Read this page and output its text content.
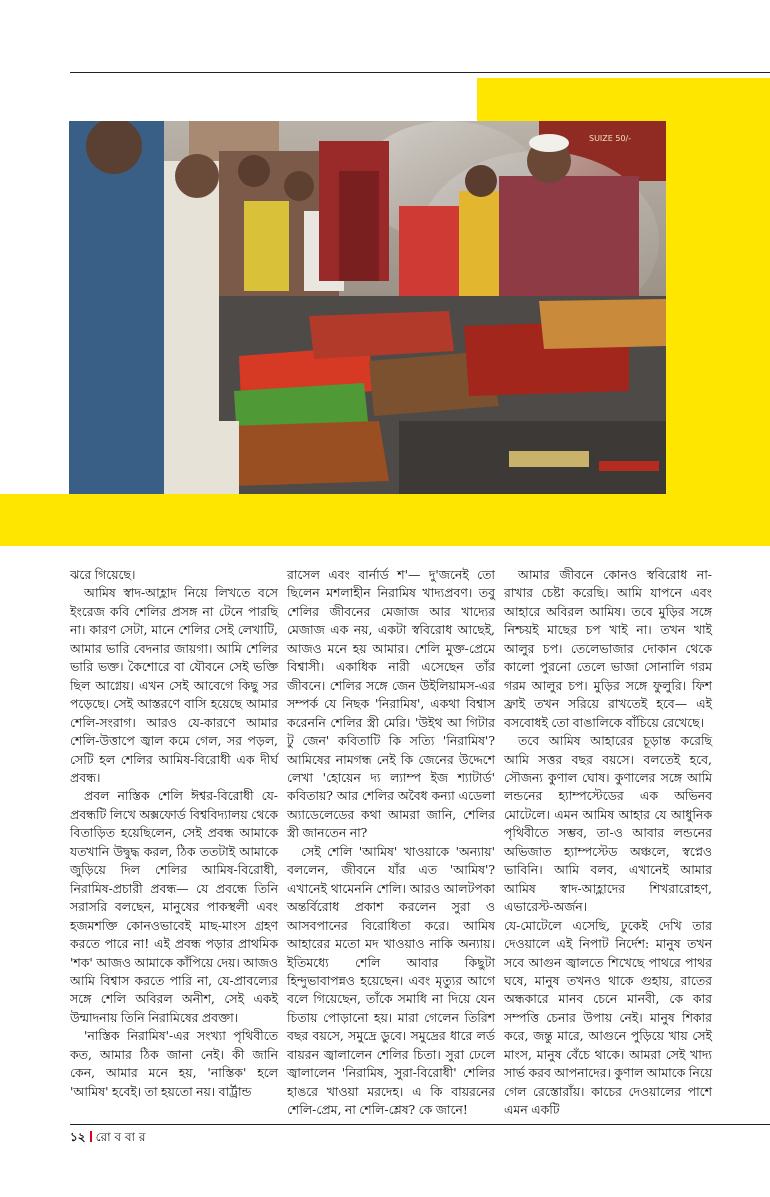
SUIZE 50/-

ঝরে গিয়েছে।

আমিষ স্বাদ-আহ্লাদ নিয়ে লিখতে বসে ইংরেজ কবি শেলির প্রসঙ্গ না টেনে পারছি না। কারণ সেটা, মানে শেলির সেই লেখাটি, আমার ভারি বেদনার জায়গা। আমি শেলির ভারি ভক্ত। কৈশোরে বা যৌবনে সেই ভক্তি ছিল আগ্নেয়। এখন সেই আবেগে কিছু সর পড়েছে। সেই আস্তরণে বাসি হয়েছে আমার শেলি-সংরাগ। আরও যে-কারণে আমার শেলি-উত্তাপে জ্বাল কমে গেল, সর পড়ল, সেটি হল শেলির আমিষ-বিরোধী এক দীর্ঘ প্রবন্ধ।

প্রবল নাস্তিক শেলি ঈশ্বর-বিরোধী যে-প্রবন্ধটি লিখে অক্সফোর্ড বিশ্ববিদ্যালয় থেকে বিতাড়িত হয়েছিলেন, সেই প্রবন্ধ আমাকে যতখানি উদ্বুদ্ধ করল, ঠিক ততটাই আমাকে জুড়িয়ে দিল শেলির আমিষ-বিরোধী, নিরামিষ-প্রচারী প্রবন্ধ— যে প্রবন্ধে তিনি সরাসরি বলছেন, মানুষের পাকস্থলী এবং হজমশক্তি কোনওভাবেই মাছ-মাংস গ্রহণ করতে পারে না! এই প্রবন্ধ পড়ার প্রাথমিক 'শক' আজও আমাকে কাঁপিয়ে দেয়। আজও আমি বিশ্বাস করতে পারি না, যে-প্রাবল্যের সঙ্গে শেলি অবিরল অনীশ, সেই একই উন্মাদনায় তিনি নিরামিষের প্রবক্তা।

'নাস্তিক নিরামিষ'-এর সংখ্যা পৃথিবীতে কত, আমার ঠিক জানা নেই। কী জানি কেন, আমার মনে হয়, 'নাস্তিক' হলে 'আমিষ' হবেই। তা হয়তো নয়। বার্ট্রান্ড

রাসেল এবং বার্নার্ড শ'— দু'জনেই তো ছিলেন মশলাহীন নিরামিষ খাদ্যপ্রবণ। তবু শেলির জীবনের মেজাজ আর খাদ্যের মেজাজ এক নয়, একটা স্ববিরোধ আছেই, আজও মনে হয় আমার। শেলি মুক্ত-প্রেমে বিশ্বাসী। একাধিক নারী এসেছেন তাঁর জীবনে। শেলির সঙ্গে জেন উইলিয়ামস-এর সম্পর্ক যে নিছক 'নিরামিষ', একথা বিশ্বাস করেননি শেলির স্ত্রী মেরি। 'উইথ আ গিটার টু জেন' কবিতাটি কি সত্যি 'নিরামিষ'? আমিষের নামগন্ধ নেই কি জেনের উদ্দেশে লেখা 'হোয়েন দ্য ল্যাম্প ইজ শ্যাটার্ড' কবিতায়? আর শেলির অবৈধ কন্যা এডেলা অ্যাডেলেডের কথা আমরা জানি, শেলির স্ত্রী জানতেন না?

সেই শেলি 'আমিষ' খাওয়াকে 'অন্যায়' বললেন, জীবনে যাঁর এত 'আমিষ'? এখানেই থামেননি শেলি। আরও আলটপকা অন্তর্বিরোধ প্রকাশ করলেন সুরা ও আসবপানের বিরোধিতা করে। আমিষ আহারের মতো মদ খাওয়াও নাকি অন্যায়। ইতিমধ্যে শেলি আবার কিছুটা হিন্দুভাবাপন্নও হয়েছেন। এবং মৃত্যুর আগে বলে গিয়েছেন, তাঁকে সমাধি না দিয়ে যেন চিতায় পোড়ানো হয়। মারা গেলেন তিরিশ বছর বয়সে, সমুদ্রে ডুবে। সমুদ্রের ধারে লর্ড বায়রন জ্বালালেন শেলির চিতা। সুরা ঢেলে জ্বালালেন 'নিরামিষ, সুরা-বিরোধী' শেলির হাঙরে খাওয়া মরদেহ। এ কি বায়রনের শেলি-প্রেম, না শেলি-শ্লেষ? কে জানে!

আমার জীবনে কোনও স্ববিরোধ না-রাখার চেষ্টা করেছি। আমি যাপনে এবং আহারে অবিরল আমিষ। তবে মুড়ির সঙ্গে নিশ্চয়ই মাছের চপ খাই না। তখন খাই আলুর চপ। তেলেভাজার দোকান থেকে কালো পুরনো তেলে ভাজা সোনালি গরম গরম আলুর চপ। মুড়ির সঙ্গে ফুলুরি। ফিশ ফ্রাই তখন সরিয়ে রাখতেই হবে— এই বসবোধই তো বাঙালিকে বাঁচিয়ে রেখেছে।

তবে আমিষ আহারের চূড়ান্ত করেছি আমি সত্তর বছর বয়সে। বলতেই হবে, সৌজন্য কুণাল ঘোষ। কুণালের সঙ্গে আমি লন্ডনের হ্যাম্পস্টেডের এক অভিনব মোটেলে। এমন আমিষ আহার যে আধুনিক পৃথিবীতে সম্ভব, তা-ও আবার লন্ডনের অভিজাত হ্যাম্পস্টেড অঞ্চলে, স্বপ্নেও ভাবিনি। আমি বলব, এখানেই আমার আমিষ স্বাদ-আহ্লাদের শিখরারোহণ, এভারেস্ট-অর্জন।

যে-মোটেলে এসেছি, ঢুকেই দেখি তার দেওয়ালে এই নিপাট নির্দেশ: মানুষ তখন সবে আগুন জ্বালতে শিখেছে পাথরে পাথর ঘষে, মানুষ তখনও থাকে গুহায়, রাতের অন্ধকারে মানব চেনে মানবী, কে কার সম্পত্তি চেনার উপায় নেই। মানুষ শিকার করে, জন্তু মারে, আগুনে পুড়িয়ে খায় সেই মাংস, মানুষ বেঁচে থাকে। আমরা সেই খাদ্য সার্ভ করব আপনাদের। কুণাল আমাকে নিয়ে গেল রেস্তোরাঁয়। কাচের দেওয়ালের পাশে এমন একটি

১২ রো ব বা র
